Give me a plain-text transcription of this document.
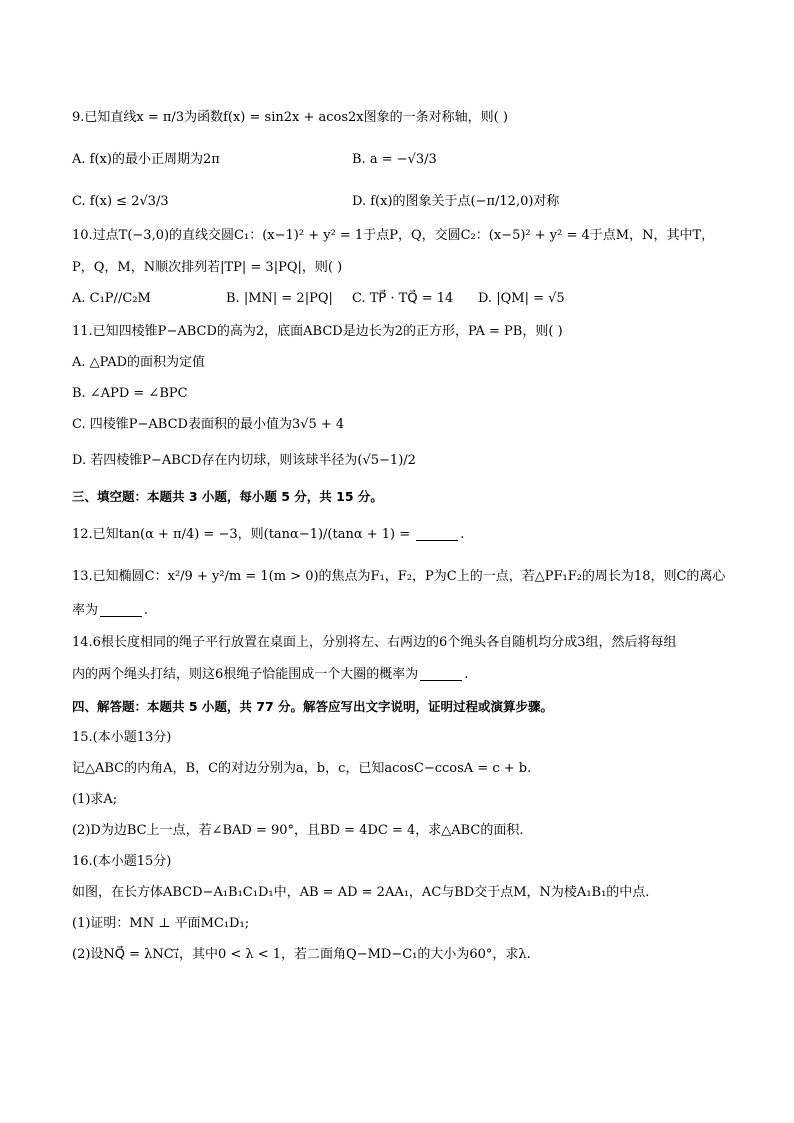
9.已知直线x = π/3为函数f(x) = sin2x + acos2x图象的一条对称轴，则( )
A. f(x)的最小正周期为2π	B. a = −√3/3
C. f(x) ≤ 2√3/3	D. f(x)的图象关于点(−π/12,0)对称
10.过点T(−3,0)的直线交圆C₁：(x−1)² + y² = 1于点P，Q，交圆C₂：(x−5)² + y² = 4于点M，N，其中T，
P，Q，M，N顺次排列若|TP| = 3|PQ|，则( )
A. C₁P//C₂M	B. |MN| = 2|PQ| C. TP⃗ · TQ⃗ = 14 D. |QM| = √5
11.已知四棱锥P−ABCD的高为2，底面ABCD是边长为2的正方形，PA = PB，则( )
A. △PAD的面积为定值
B. ∠APD = ∠BPC
C. 四棱锥P−ABCD表面积的最小值为3√5 + 4
D. 若四棱锥P−ABCD存在内切球，则该球半径为(√5−1)/2
三、填空题：本题共 3 小题，每小题 5 分，共 15 分。
12.已知tan(α + π/4) = −3，则(tanα−1)/(tanα + 1) =	.
13.已知椭圆C：x²/9 + y²/m = 1(m > 0)的焦点为F₁，F₂，P为C上的一点，若△PF₁F₂的周长为18，则C的离心
率为	.
14.6根长度相同的绳子平行放置在桌面上，分别将左、右两边的6个绳头各自随机均分成3组，然后将每组
内的两个绳头打结，则这6根绳子恰能围成一个大圈的概率为	.
四、解答题：本题共 5 小题，共 77 分。解答应写出文字说明，证明过程或演算步骤。
15.(本小题13分)
记△ABC的内角A，B，C的对边分别为a，b，c，已知acosC−ccosA = c + b.
(1)求A;
(2)D为边BC上一点，若∠BAD = 90°，且BD = 4DC = 4，求△ABC的面积.
16.(本小题15分)
如图，在长方体ABCD−A₁B₁C₁D₁中，AB = AD = 2AA₁，AC与BD交于点M，N为棱A₁B₁的中点.
(1)证明：MN ⊥ 平面MC₁D₁;
(2)设NQ⃗ = λNC₁⃗，其中0 < λ < 1，若二面角Q−MD−C₁的大小为60°，求λ.
